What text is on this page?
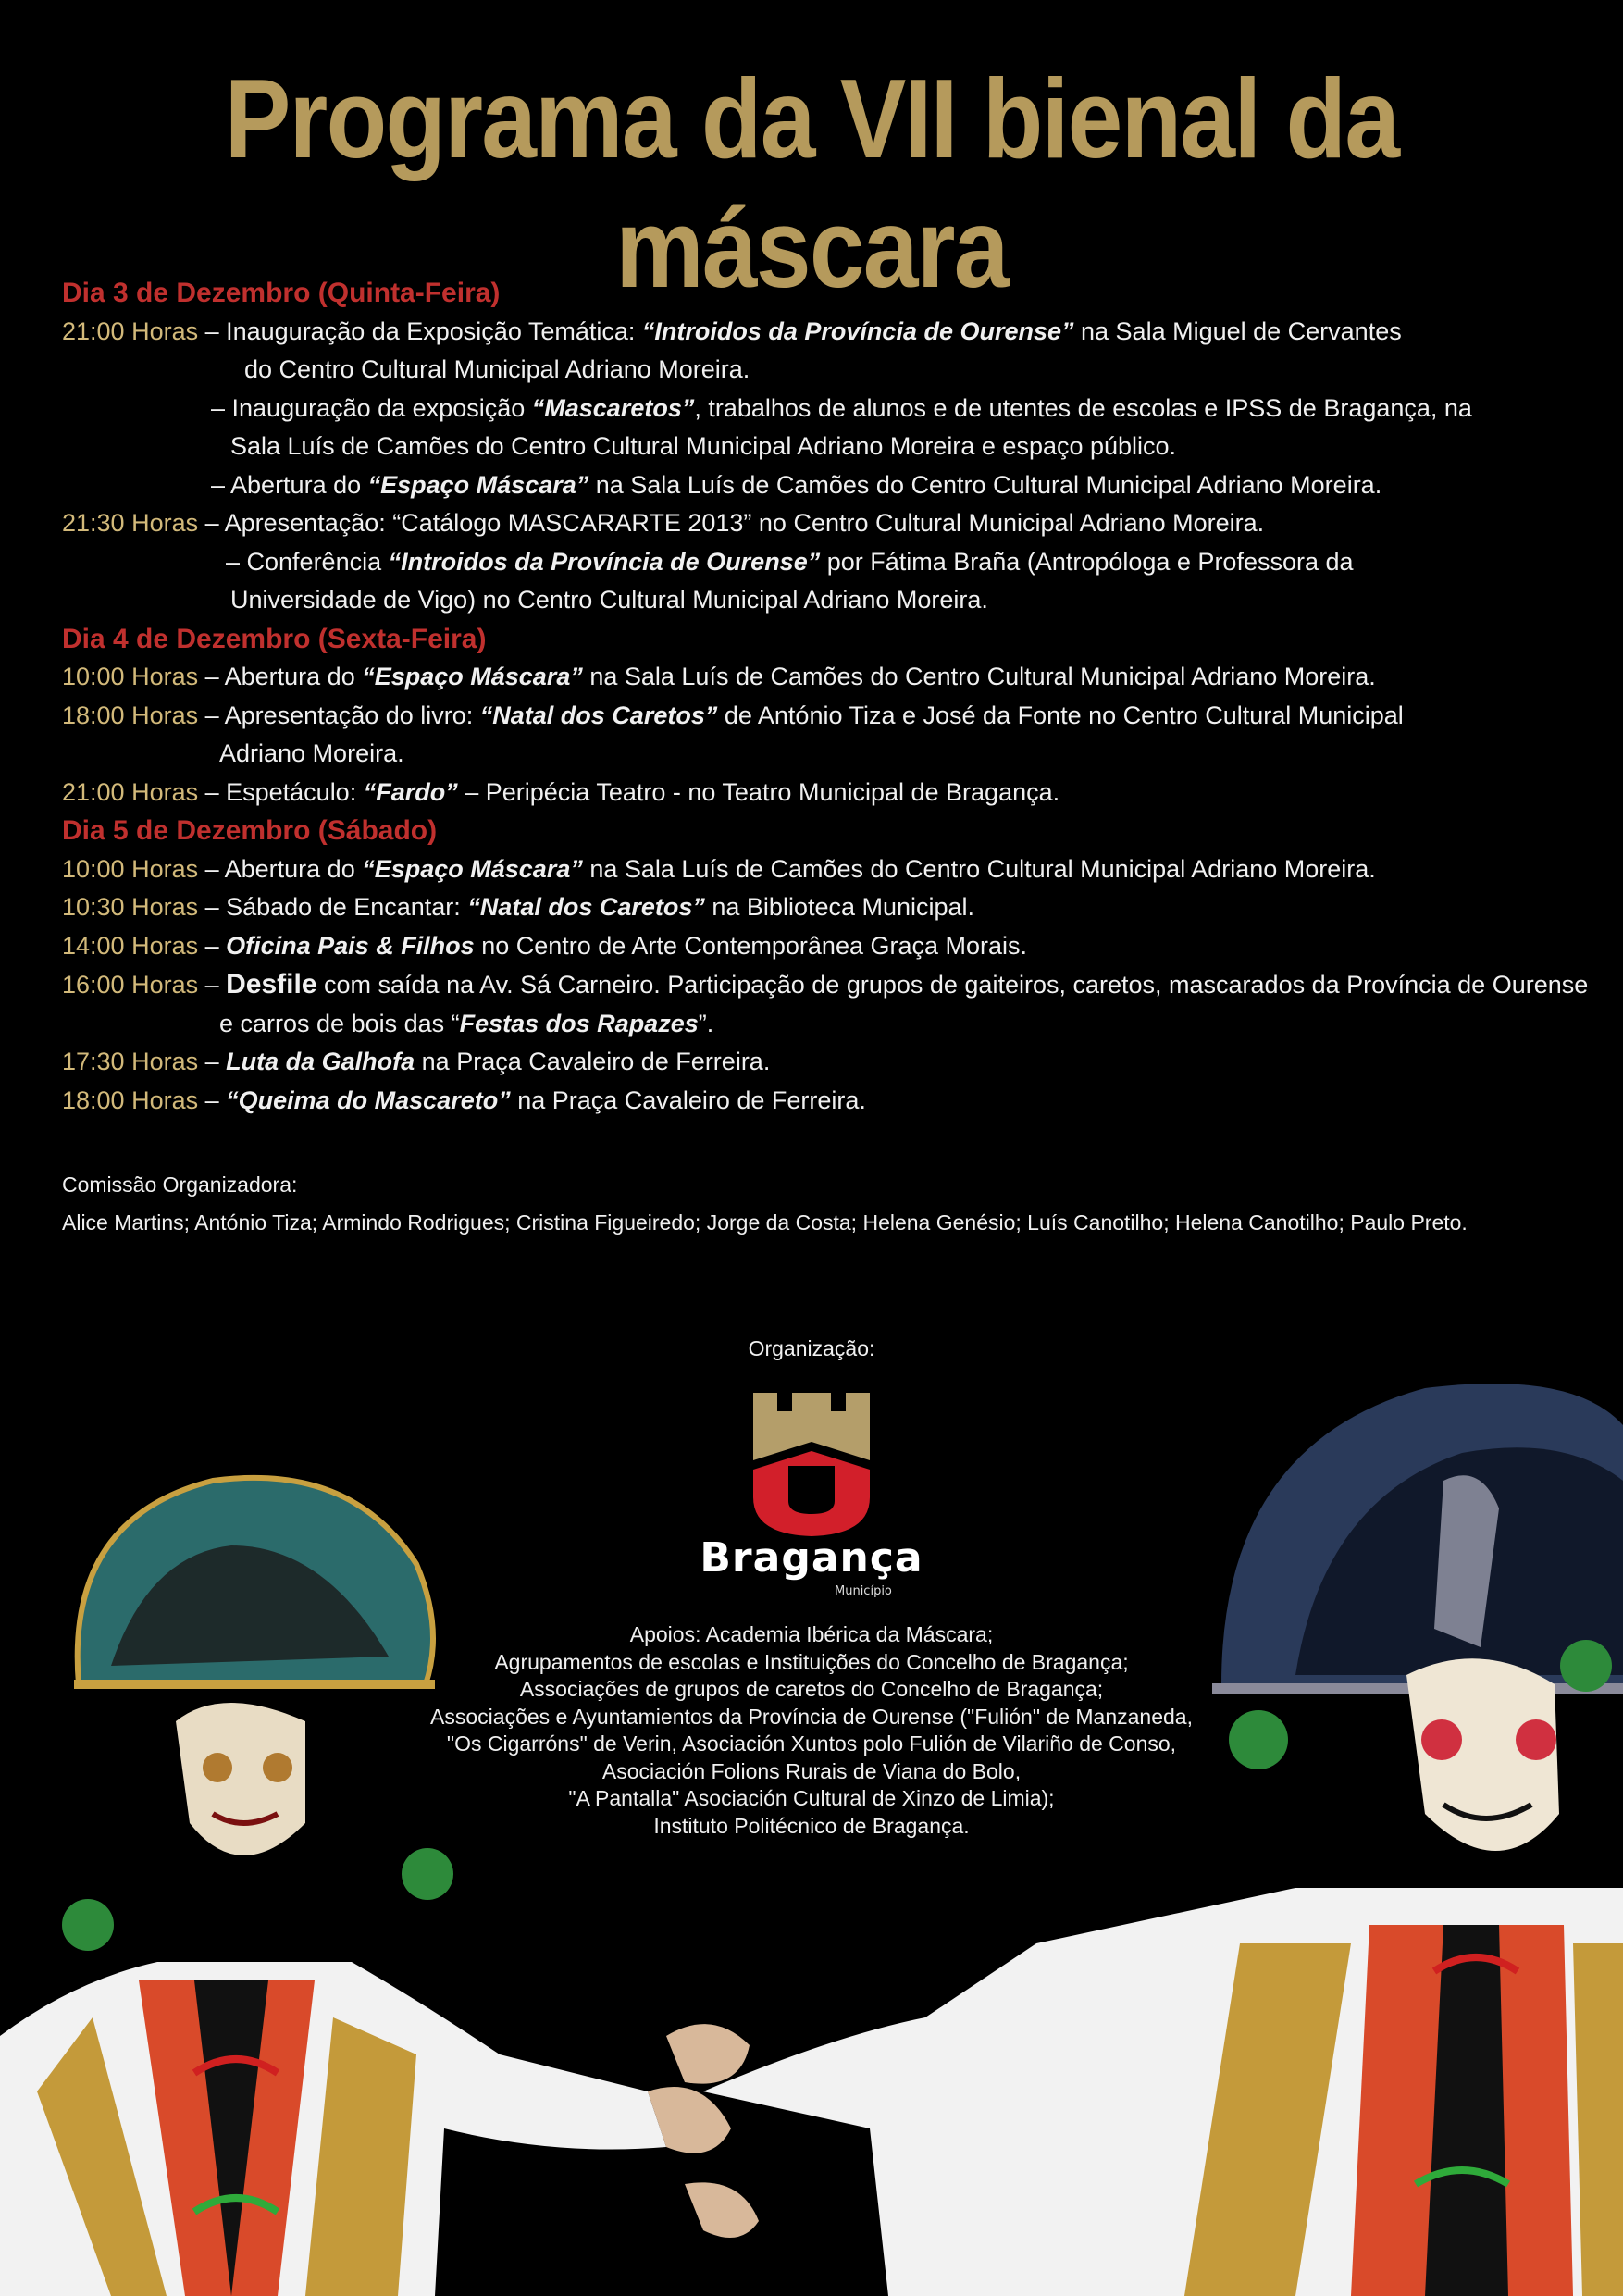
Programa da VII bienal da máscara
Dia 3 de Dezembro (Quinta-Feira)
21:00 Horas – Inauguração da Exposição Temática: “Introidos da Província de Ourense” na Sala Miguel de Cervantes
do Centro Cultural Municipal Adriano Moreira.
– Inauguração da exposição “Mascaretos”, trabalhos de alunos e de utentes de escolas e IPSS de Bragança, na
Sala Luís de Camões do Centro Cultural Municipal Adriano Moreira e espaço público.
– Abertura do “Espaço Máscara” na Sala Luís de Camões do Centro Cultural Municipal Adriano Moreira.
21:30 Horas – Apresentação: “Catálogo MASCARARTE 2013” no Centro Cultural Municipal Adriano Moreira.
– Conferência “Introidos da Província de Ourense” por Fátima Braña (Antropóloga e Professora da
Universidade de Vigo) no Centro Cultural Municipal Adriano Moreira.
Dia 4 de Dezembro (Sexta-Feira)
10:00 Horas – Abertura do “Espaço Máscara” na Sala Luís de Camões do Centro Cultural Municipal Adriano Moreira.
18:00 Horas – Apresentação do livro: “Natal dos Caretos” de António Tiza e José da Fonte no Centro Cultural Municipal
Adriano Moreira.
21:00 Horas – Espetáculo: “Fardo” – Peripécia Teatro - no Teatro Municipal de Bragança.
Dia 5 de Dezembro (Sábado)
10:00 Horas – Abertura do “Espaço Máscara” na Sala Luís de Camões do Centro Cultural Municipal Adriano Moreira.
10:30 Horas – Sábado de Encantar: “Natal dos Caretos” na Biblioteca Municipal.
14:00 Horas – Oficina Pais & Filhos no Centro de Arte Contemporânea Graça Morais.
16:00 Horas – Desfile com saída na Av. Sá Carneiro. Participação de grupos de gaiteiros, caretos, mascarados da Província de Ourense
e carros de bois das “Festas dos Rapazes”.
17:30 Horas – Luta da Galhofa na Praça Cavaleiro de Ferreira.
18:00 Horas – “Queima do Mascareto” na Praça Cavaleiro de Ferreira.
Comissão Organizadora:
Alice Martins; António Tiza; Armindo Rodrigues; Cristina Figueiredo; Jorge da Costa; Helena Genésio; Luís Canotilho; Helena Canotilho; Paulo Preto.
Organização:
Bragança
Município
Apoios: Academia Ibérica da Máscara;
Agrupamentos de escolas e Instituições do Concelho de Bragança;
Associações de grupos de caretos do Concelho de Bragança;
Associações e Ayuntamientos da Província de Ourense ("Fulión" de Manzaneda,
"Os Cigarróns" de Verin, Asociación Xuntos polo Fulión de Vilariño de Conso,
Asociación Folions Rurais de Viana do Bolo,
"A Pantalla" Asociación Cultural de Xinzo de Limia);
Instituto Politécnico de Bragança.
